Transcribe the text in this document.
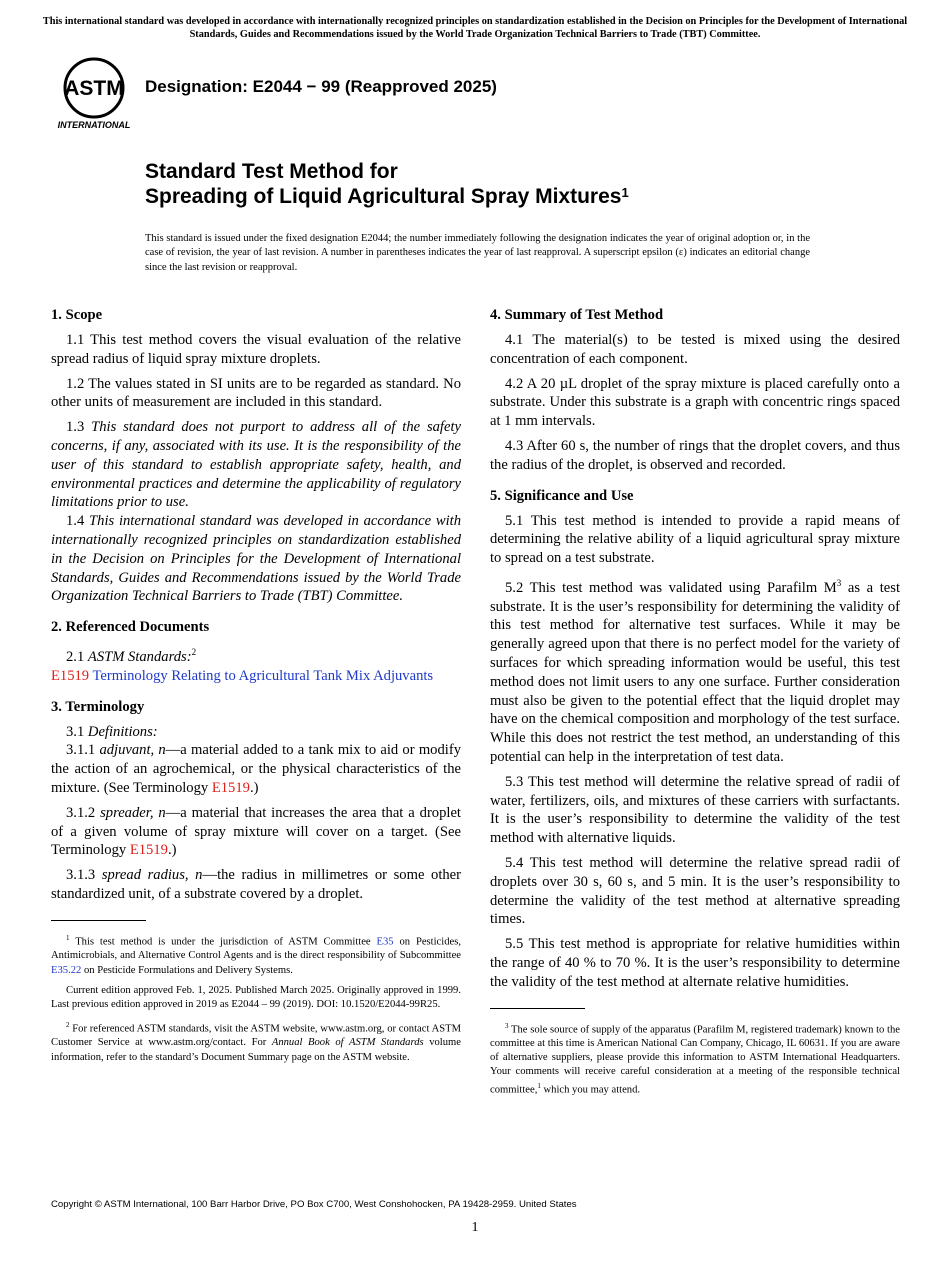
This international standard was developed in accordance with internationally recognized principles on standardization established in the Decision on Principles for the Development of International Standards, Guides and Recommendations issued by the World Trade Organization Technical Barriers to Trade (TBT) Committee.
ASTM
INTERNATIONAL
Designation: E2044 − 99 (Reapproved 2025)
Standard Test Method for
Spreading of Liquid Agricultural Spray Mixtures$^1$
This standard is issued under the fixed designation E2044; the number immediately following the designation indicates the year of original adoption or, in the case of revision, the year of last revision. A number in parentheses indicates the year of last reapproval. A superscript epsilon (ε) indicates an editorial change since the last revision or reapproval.
1. Scope

1.1 This test method covers the visual evaluation of the relative spread radius of liquid spray mixture droplets.

1.2 The values stated in SI units are to be regarded as standard. No other units of measurement are included in this standard.

1.3 This standard does not purport to address all of the safety concerns, if any, associated with its use. It is the responsibility of the user of this standard to establish appropriate safety, health, and environmental practices and determine the applicability of regulatory limitations prior to use.

1.4 This international standard was developed in accordance with internationally recognized principles on standardization established in the Decision on Principles for the Development of International Standards, Guides and Recommendations issued by the World Trade Organization Technical Barriers to Trade (TBT) Committee.

2. Referenced Documents

2.1 ASTM Standards:$^2$

E1519 Terminology Relating to Agricultural Tank Mix Adjuvants

3. Terminology

3.1 Definitions:

3.1.1 adjuvant, n—a material added to a tank mix to aid or modify the action of an agrochemical, or the physical characteristics of the mixture. (See Terminology E1519.)

3.1.2 spreader, n—a material that increases the area that a droplet of a given volume of spray mixture will cover on a target. (See Terminology E1519.)

3.1.3 spread radius, n—the radius in millimetres or some other standardized unit, of a substrate covered by a droplet.

$^1$ This test method is under the jurisdiction of ASTM Committee E35 on Pesticides, Antimicrobials, and Alternative Control Agents and is the direct responsibility of Subcommittee E35.22 on Pesticide Formulations and Delivery Systems.

Current edition approved Feb. 1, 2025. Published March 2025. Originally approved in 1999. Last previous edition approved in 2019 as E2044 – 99 (2019). DOI: 10.1520/E2044-99R25.

$^2$ For referenced ASTM standards, visit the ASTM website, www.astm.org, or contact ASTM Customer Service at www.astm.org/contact. For Annual Book of ASTM Standards volume information, refer to the standard’s Document Summary page on the ASTM website.

4. Summary of Test Method

4.1 The material(s) to be tested is mixed using the desired concentration of each component.

4.2 A 20 µL droplet of the spray mixture is placed carefully onto a substrate. Under this substrate is a graph with concentric rings spaced at 1 mm intervals.

4.3 After 60 s, the number of rings that the droplet covers, and thus the radius of the droplet, is observed and recorded.

5. Significance and Use

5.1 This test method is intended to provide a rapid means of determining the relative ability of a liquid agricultural spray mixture to spread on a test substrate.

5.2 This test method was validated using Parafilm $M^3$ as a test substrate. It is the user’s responsibility for determining the validity of this test method for alternative test surfaces. While it may be generally agreed upon that there is no perfect model for the variety of surfaces for which spreading information would be useful, this test method does not limit users to any one surface. Further consideration must also be given to the potential effect that the liquid droplet may have on the chemical composition and morphology of the test surface. While this does not restrict the test method, an understanding of this potential can help in the interpretation of test data.

5.3 This test method will determine the relative spread of radii of water, fertilizers, oils, and mixtures of these carriers with surfactants. It is the user’s responsibility to determine the validity of the test method with alternative liquids.

5.4 This test method will determine the relative spread radii of droplets over 30 s, 60 s, and 5 min. It is the user’s responsibility to determine the validity of the test method at alternative spreading times.

5.5 This test method is appropriate for relative humidities within the range of 40 % to 70 %. It is the user’s responsibility to determine the validity of the test method at alternate relative humidities.

$^3$ The sole source of supply of the apparatus (Parafilm M, registered trademark) known to the committee at this time is American National Can Company, Chicago, IL 60631. If you are aware of alternative suppliers, please provide this information to ASTM International Headquarters. Your comments will receive careful consideration at a meeting of the responsible technical committee,$^1$ which you may attend.

Copyright © ASTM International, 100 Barr Harbor Drive, PO Box C700, West Conshohocken, PA 19428-2959. United States
1
